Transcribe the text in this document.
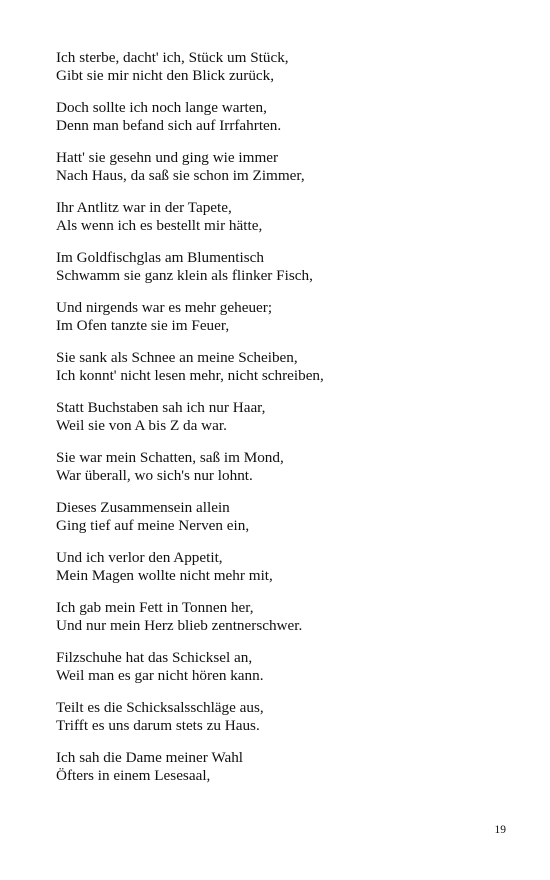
Ich sterbe, dacht' ich, Stück um Stück,
Gibt sie mir nicht den Blick zurück,
Doch sollte ich noch lange warten,
Denn man befand sich auf Irrfahrten.
Hatt' sie gesehn und ging wie immer
Nach Haus, da saß sie schon im Zimmer,
Ihr Antlitz war in der Tapete,
Als wenn ich es bestellt mir hätte,
Im Goldfischglas am Blumentisch
Schwamm sie ganz klein als flinker Fisch,
Und nirgends war es mehr geheuer;
Im Ofen tanzte sie im Feuer,
Sie sank als Schnee an meine Scheiben,
Ich konnt' nicht lesen mehr, nicht schreiben,
Statt Buchstaben sah ich nur Haar,
Weil sie von A bis Z da war.
Sie war mein Schatten, saß im Mond,
War überall, wo sich's nur lohnt.
Dieses Zusammensein allein
Ging tief auf meine Nerven ein,
Und ich verlor den Appetit,
Mein Magen wollte nicht mehr mit,
Ich gab mein Fett in Tonnen her,
Und nur mein Herz blieb zentnerschwer.
Filzschuhe hat das Schicksel an,
Weil man es gar nicht hören kann.
Teilt es die Schicksalsschläge aus,
Trifft es uns darum stets zu Haus.
Ich sah die Dame meiner Wahl
Öfters in einem Lesesaal,
19
